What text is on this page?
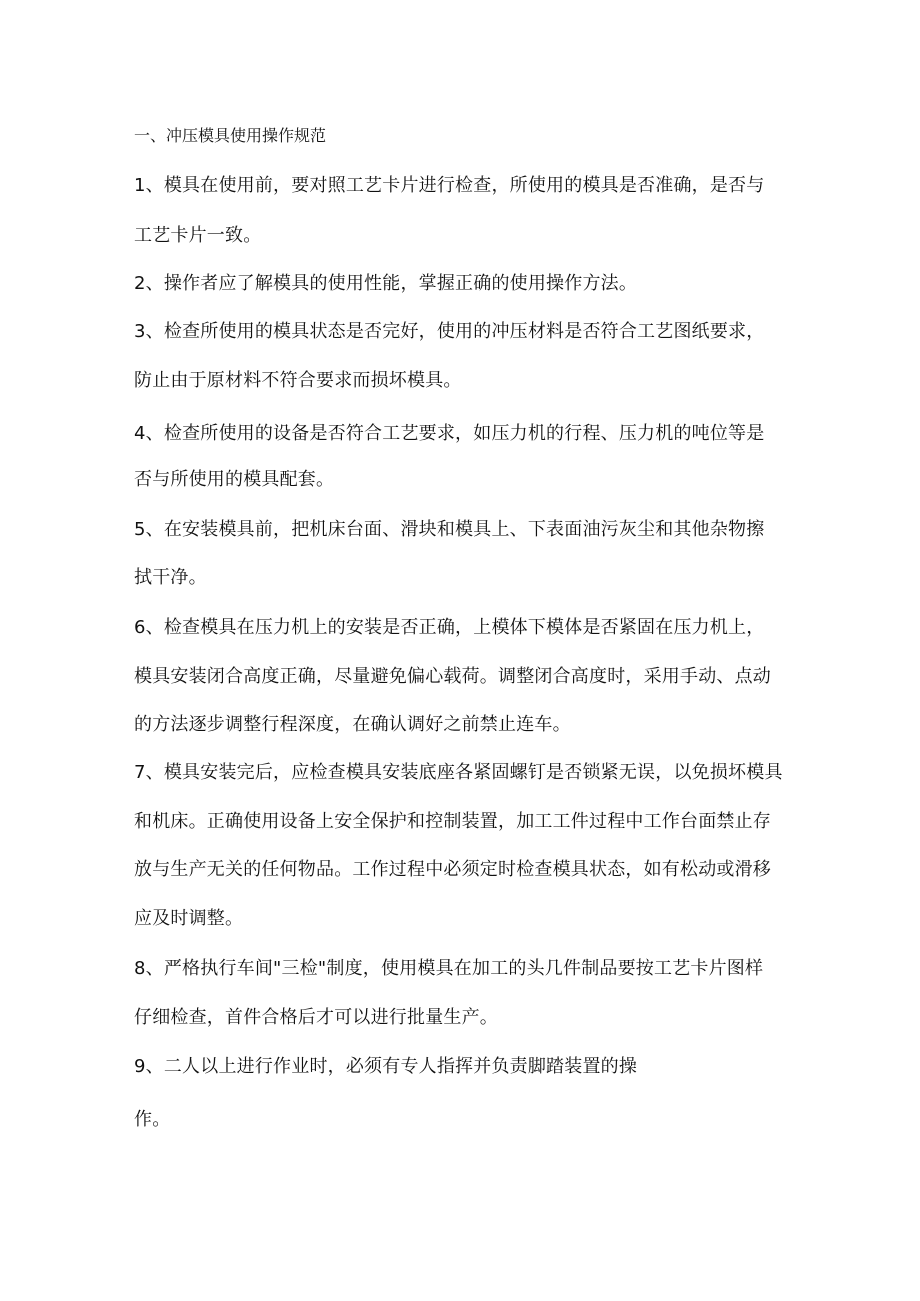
一、冲压模具使用操作规范
1、模具在使用前，要对照工艺卡片进行检查，所使用的模具是否准确，是否与
工艺卡片一致。
2、操作者应了解模具的使用性能，掌握正确的使用操作方法。
3、检查所使用的模具状态是否完好，使用的冲压材料是否符合工艺图纸要求，
防止由于原材料不符合要求而损坏模具。
4、检查所使用的设备是否符合工艺要求，如压力机的行程、压力机的吨位等是
否与所使用的模具配套。
5、在安装模具前，把机床台面、滑块和模具上、下表面油污灰尘和其他杂物擦
拭干净。
6、检查模具在压力机上的安装是否正确，上模体下模体是否紧固在压力机上，
模具安装闭合高度正确，尽量避免偏心载荷。调整闭合高度时，采用手动、点动
的方法逐步调整行程深度，在确认调好之前禁止连车。
7、模具安装完后，应检查模具安装底座各紧固螺钉是否锁紧无误，以免损坏模具
和机床。正确使用设备上安全保护和控制装置，加工工件过程中工作台面禁止存
放与生产无关的任何物品。工作过程中必须定时检查模具状态，如有松动或滑移
应及时调整。
8、严格执行车间"三检"制度，使用模具在加工的头几件制品要按工艺卡片图样
仔细检查，首件合格后才可以进行批量生产。
9、二人以上进行作业时，必须有专人指挥并负责脚踏装置的操
作。
